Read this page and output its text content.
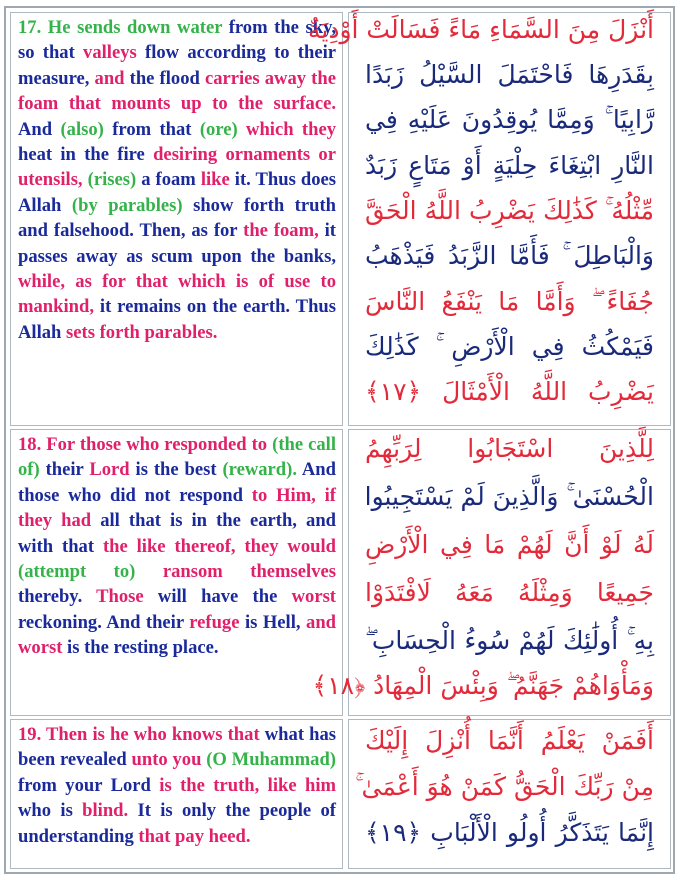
17. He sends down water from the sky, so that valleys flow according to their measure, and the flood carries away the foam that mounts up to the surface. And (also) from that (ore) which they heat in the fire desiring ornaments or utensils, (rises) a foam like it. Thus does Allah (by parables) show forth truth and falsehood. Then, as for the foam, it passes away as scum upon the banks, while, as for that which is of use to mankind, it remains on the earth. Thus Allah sets forth parables.
أَنْزَلَ مِنَ السَّمَاءِ مَاءً فَسَالَتْ أَوْدِيَةٌ
بِقَدَرِهَا فَاحْتَمَلَ السَّيْلُ زَبَدًا
رَّابِيًا ۚ وَمِمَّا يُوقِدُونَ عَلَيْهِ فِي
النَّارِ ابْتِغَاءَ حِلْيَةٍ أَوْ مَتَاعٍ زَبَدٌ
مِّثْلُهُ ۚ كَذَٰلِكَ يَضْرِبُ اللَّهُ الْحَقَّ
وَالْبَاطِلَ ۚ فَأَمَّا الزَّبَدُ فَيَذْهَبُ
جُفَاءً ۖ وَأَمَّا مَا يَنْفَعُ النَّاسَ
فَيَمْكُثُ فِي الْأَرْضِ ۚ كَذَٰلِكَ
يَضْرِبُ اللَّهُ الْأَمْثَالَ ﴿١٧﴾
18. For those who responded to (the call of) their Lord is the best (reward). And those who did not respond to Him, if they had all that is in the earth, and with that the like thereof, they would (attempt to) ransom themselves thereby. Those will have the worst reckoning. And their refuge is Hell, and worst is the resting place.
لِلَّذِينَ اسْتَجَابُوا لِرَبِّهِمُ
الْحُسْنَىٰ ۚ وَالَّذِينَ لَمْ يَسْتَجِيبُوا
لَهُ لَوْ أَنَّ لَهُمْ مَا فِي الْأَرْضِ
جَمِيعًا وَمِثْلَهُ مَعَهُ لَافْتَدَوْا
بِهِ ۚ أُولَٰئِكَ لَهُمْ سُوءُ الْحِسَابِ ۖ
وَمَأْوَاهُمْ جَهَنَّمُ ۖ وَبِئْسَ الْمِهَادُ ﴿١٨﴾
19. Then is he who knows that what has been revealed unto you (O Muhammad) from your Lord is the truth, like him who is blind. It is only the people of understanding that pay heed.
أَفَمَنْ يَعْلَمُ أَنَّمَا أُنْزِلَ إِلَيْكَ
مِنْ رَبِّكَ الْحَقُّ كَمَنْ هُوَ أَعْمَىٰ ۚ
إِنَّمَا يَتَذَكَّرُ أُولُو الْأَلْبَابِ ﴿١٩﴾
